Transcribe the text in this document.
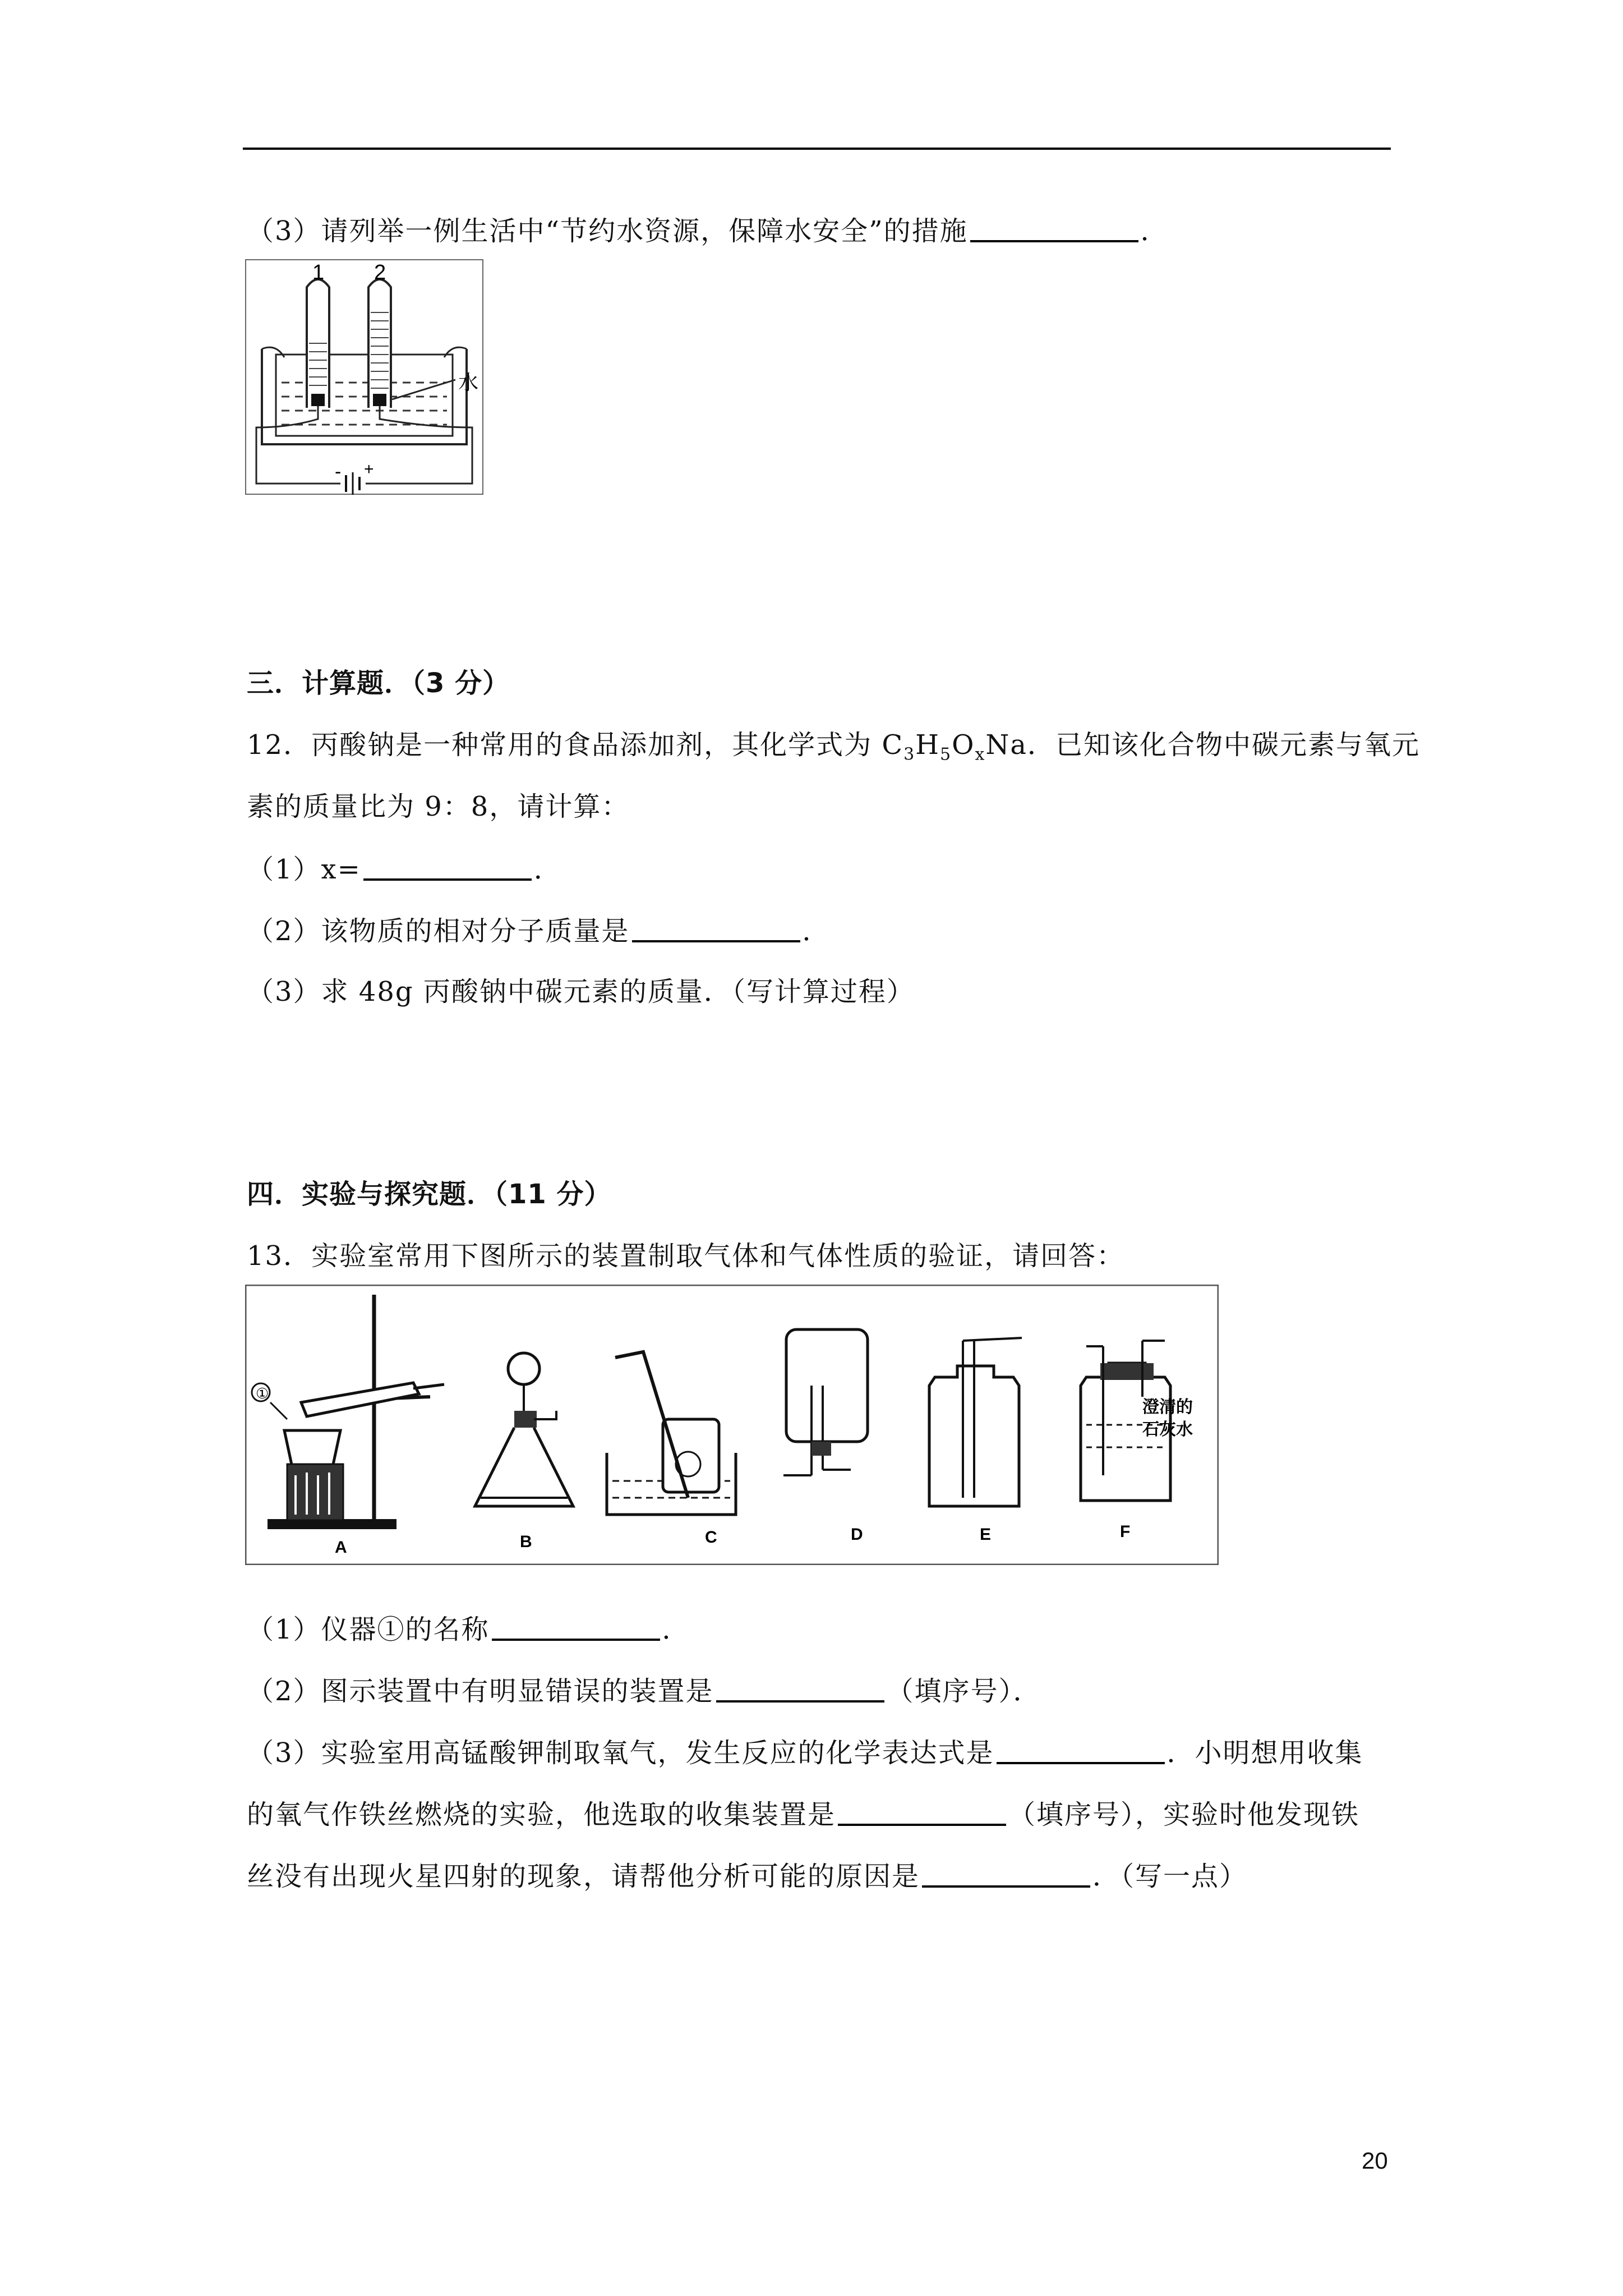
（3）请列举一例生活中“节约水资源，保障水安全”的措施	．
1 2
水
- +
三．计算题．（3 分）
12．丙酸钠是一种常用的食品添加剂，其化学式为 $C_3H_5O_xNa$．已知该化合物中碳元素与氧元
素的质量比为 9：8，请计算：
（1）x=	．
（2）该物质的相对分子质量是	．
（3）求 48g 丙酸钠中碳元素的质量．（写计算过程）
四．实验与探究题．（11 分）
13．实验室常用下图所示的装置制取气体和气体性质的验证，请回答：
①
澄清的
石灰水
A	B	C	D	E	F
（1）仪器①的名称	．
（2）图示装置中有明显错误的装置是	（填序号）．
（3）实验室用高锰酸钾制取氧气，发生反应的化学表达式是	．小明想用收集
的氧气作铁丝燃烧的实验，他选取的收集装置是	（填序号），实验时他发现铁
丝没有出现火星四射的现象，请帮他分析可能的原因是	．（写一点）
20
